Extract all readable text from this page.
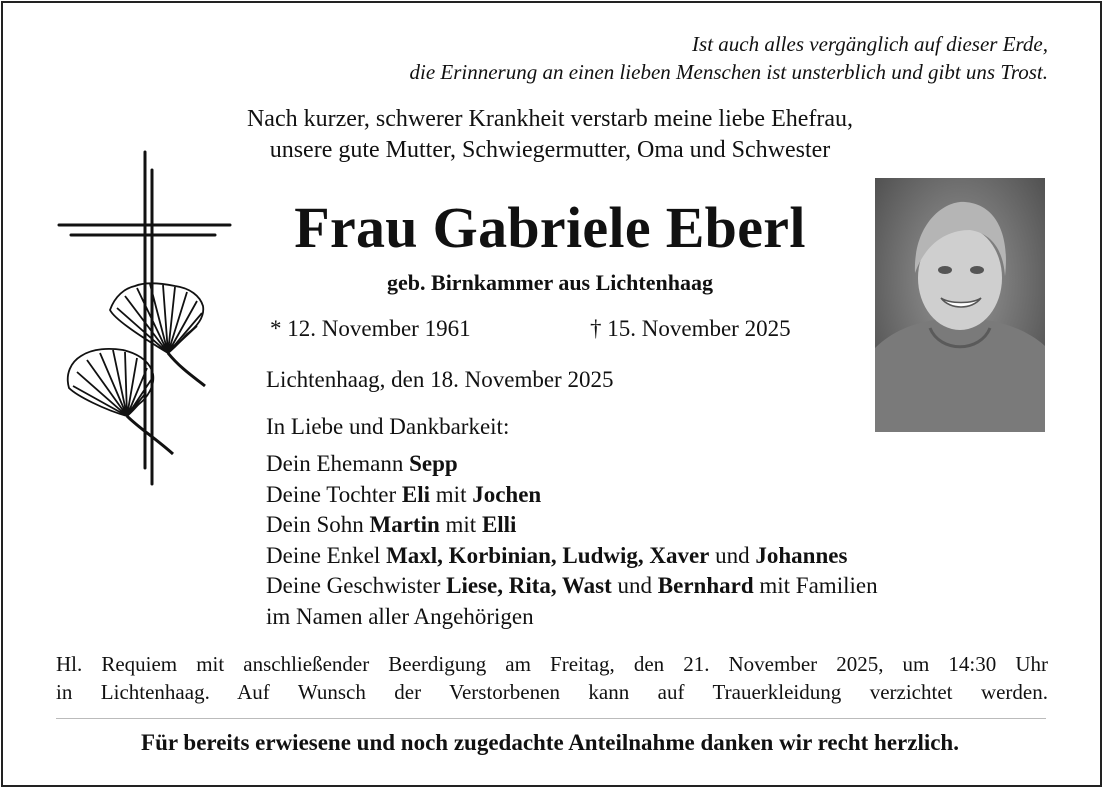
Ist auch alles vergänglich auf dieser Erde,
die Erinnerung an einen lieben Menschen ist unsterblich und gibt uns Trost.
Nach kurzer, schwerer Krankheit verstarb meine liebe Ehefrau,
unsere gute Mutter, Schwiegermutter, Oma und Schwester
Frau Gabriele Eberl
geb. Birnkammer aus Lichtenhaag
* 12. November 1961	† 15. November 2025
Lichtenhaag, den 18. November 2025
In Liebe und Dankbarkeit:
Dein Ehemann Sepp
Deine Tochter Eli mit Jochen
Dein Sohn Martin mit Elli
Deine Enkel Maxl, Korbinian, Ludwig, Xaver und Johannes
Deine Geschwister Liese, Rita, Wast und Bernhard mit Familien
im Namen aller Angehörigen
Hl. Requiem mit anschließender Beerdigung am Freitag, den 21. November 2025, um 14:30 Uhr
in Lichtenhaag. Auf Wunsch der Verstorbenen kann auf Trauerkleidung verzichtet werden.
Für bereits erwiesene und noch zugedachte Anteilnahme danken wir recht herzlich.
